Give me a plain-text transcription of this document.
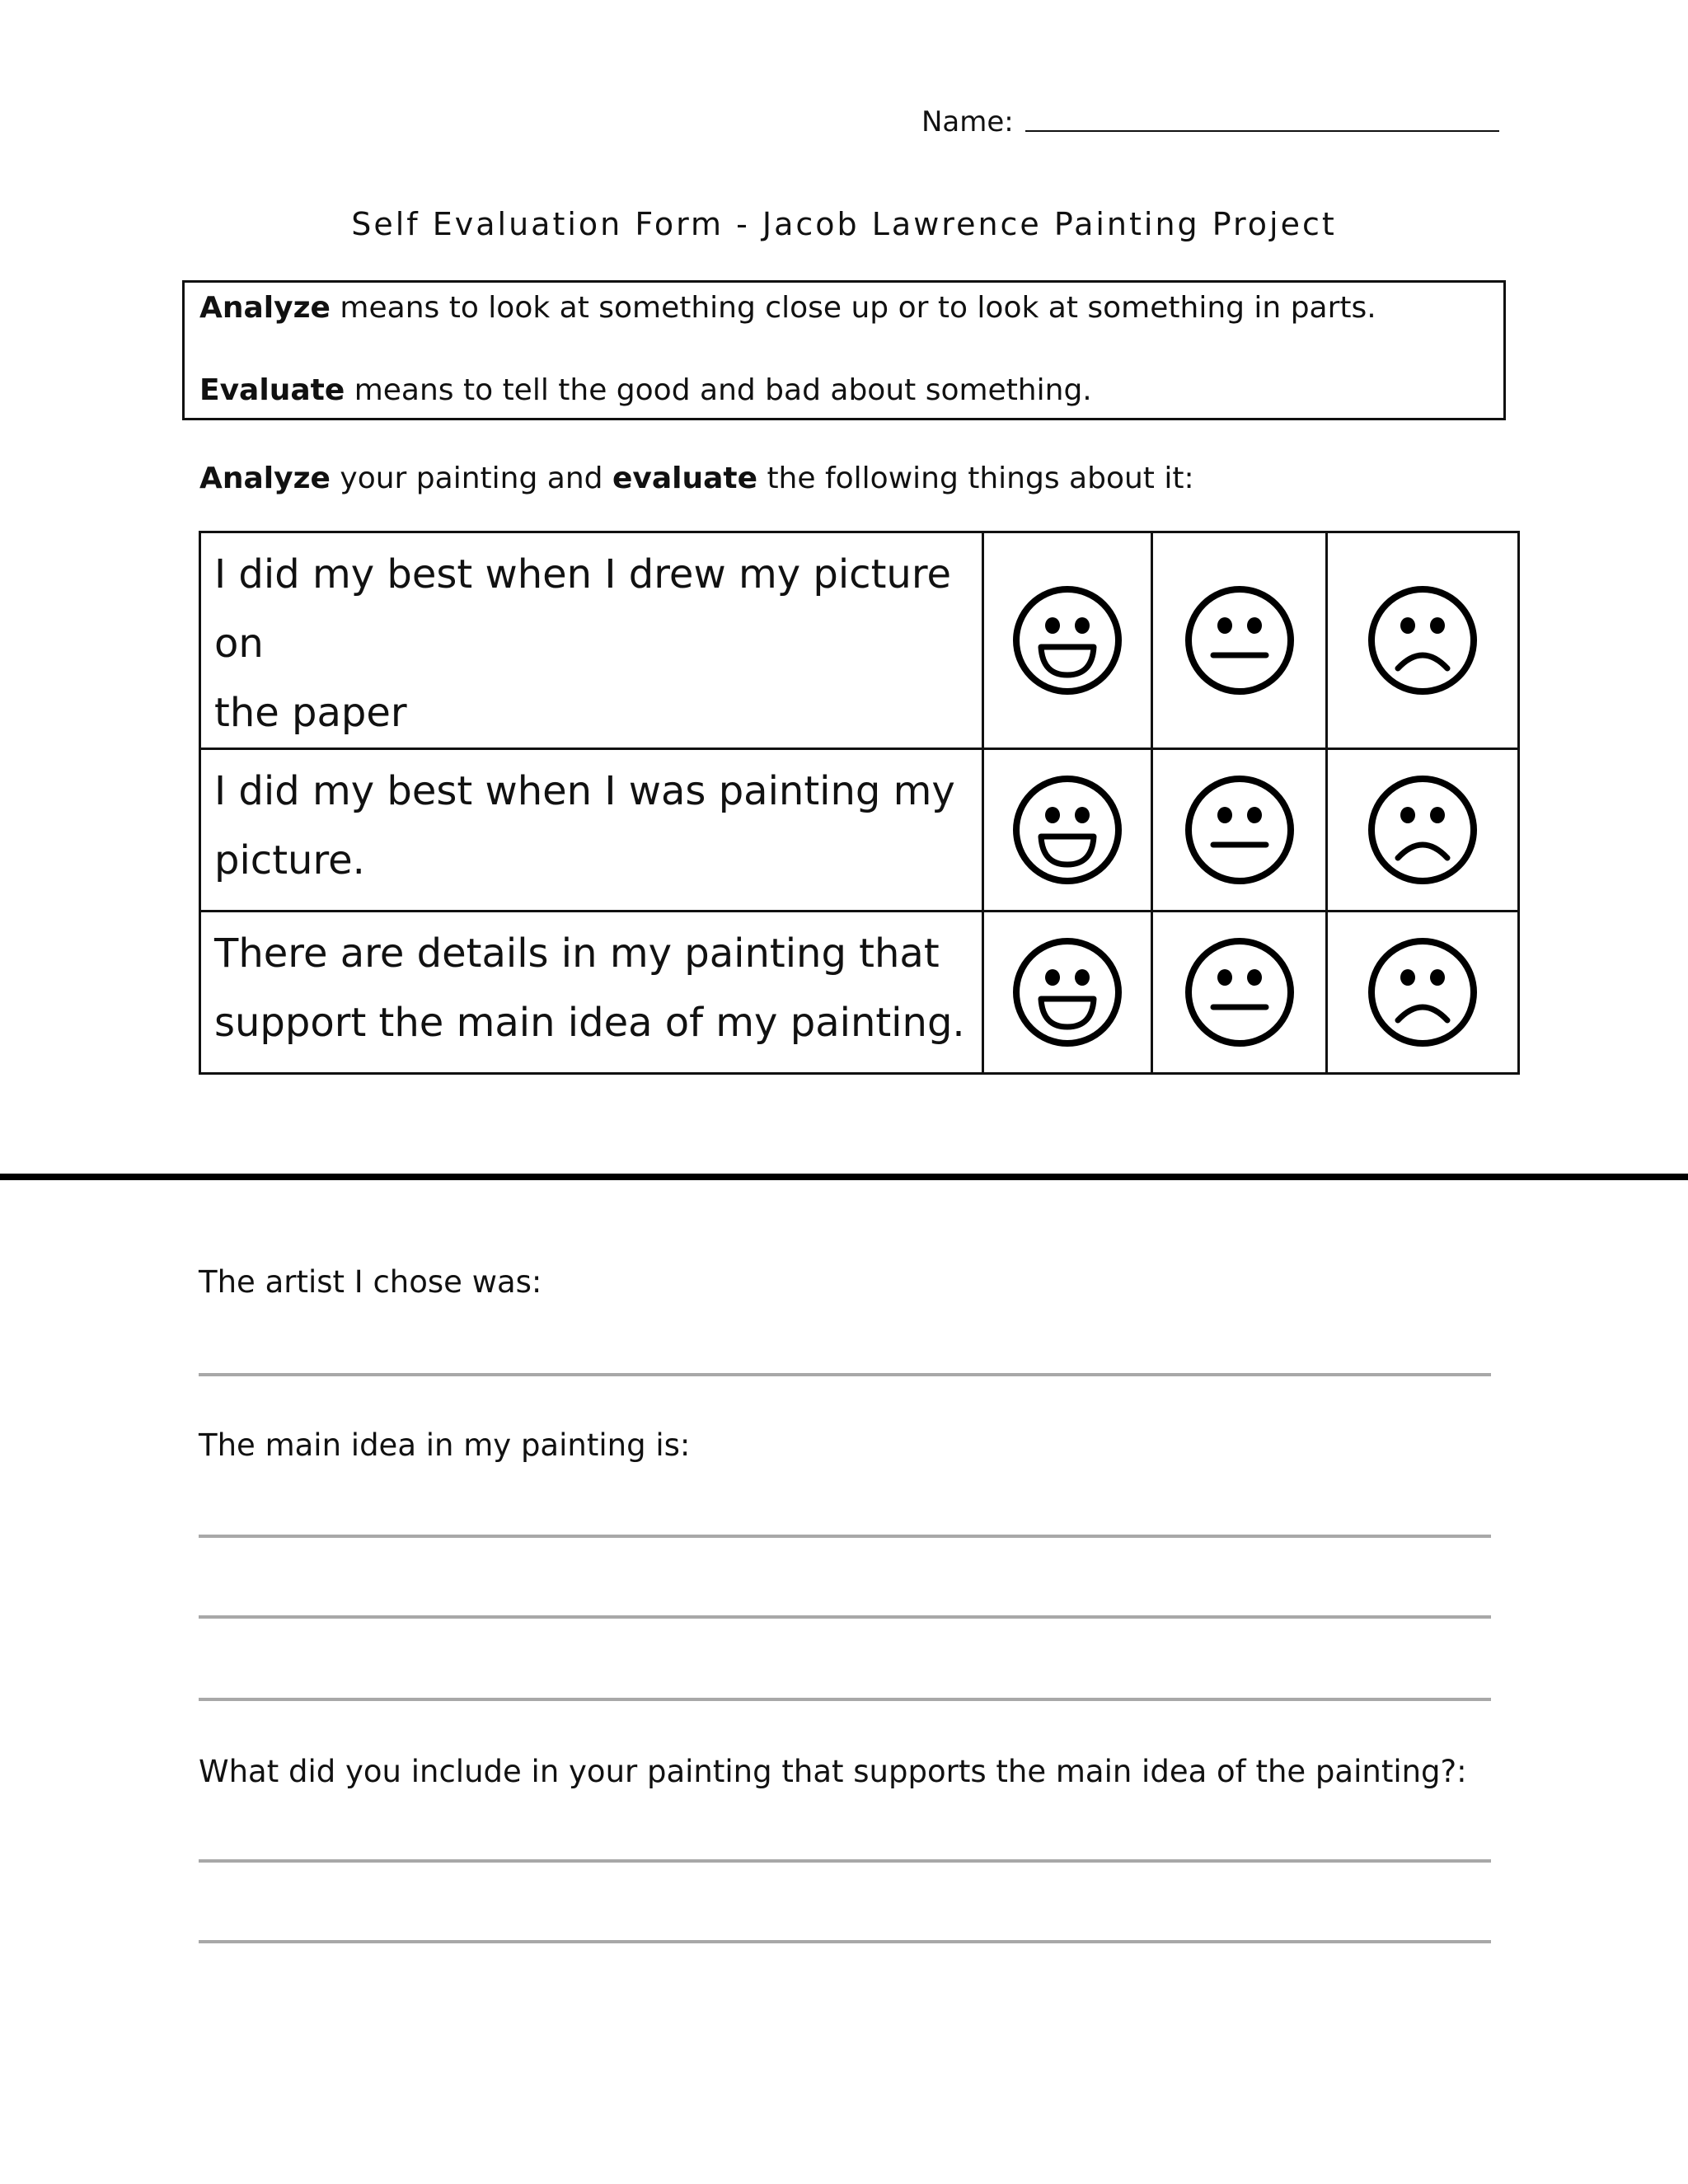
Name:
Self Evaluation Form - Jacob Lawrence Painting Project
Analyze means to look at something close up or to look at something in parts.
Evaluate means to tell the good and bad about something.
Analyze your painting and evaluate the following things about it:
I did my best when I drew my picture on
the paper

I did my best when I was painting my
picture.

There are details in my painting that
support the main idea of my painting.

The artist I chose was:
The main idea in my painting is:
What did you include in your painting that supports the main idea of the painting?:
